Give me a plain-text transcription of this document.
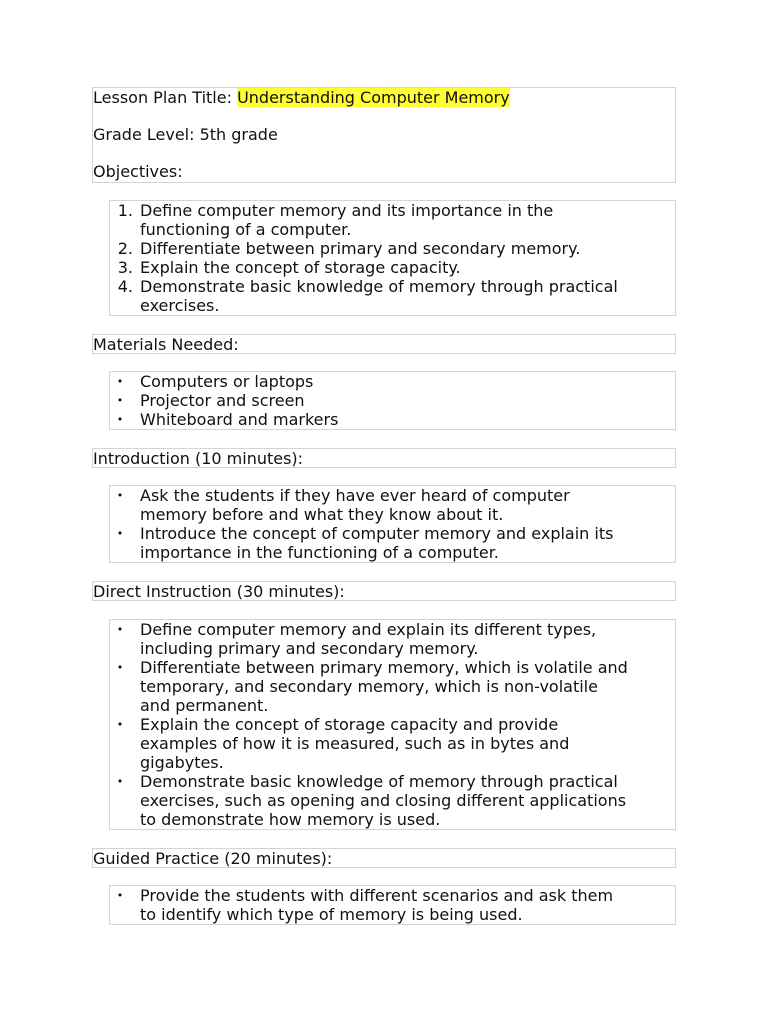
Lesson Plan Title: Understanding Computer Memory

Grade Level: 5th grade

Objectives:

1. Define computer memory and its importance in the
functioning of a computer.
2. Differentiate between primary and secondary memory.
3. Explain the concept of storage capacity.
4. Demonstrate basic knowledge of memory through practical
exercises.

Materials Needed:

• Computers or laptops
• Projector and screen
• Whiteboard and markers

Introduction (10 minutes):

• Ask the students if they have ever heard of computer
memory before and what they know about it.
• Introduce the concept of computer memory and explain its
importance in the functioning of a computer.

Direct Instruction (30 minutes):

• Define computer memory and explain its different types,
including primary and secondary memory.
• Differentiate between primary memory, which is volatile and
temporary, and secondary memory, which is non-volatile
and permanent.
• Explain the concept of storage capacity and provide
examples of how it is measured, such as in bytes and
gigabytes.
• Demonstrate basic knowledge of memory through practical
exercises, such as opening and closing different applications
to demonstrate how memory is used.

Guided Practice (20 minutes):

• Provide the students with different scenarios and ask them
to identify which type of memory is being used.
